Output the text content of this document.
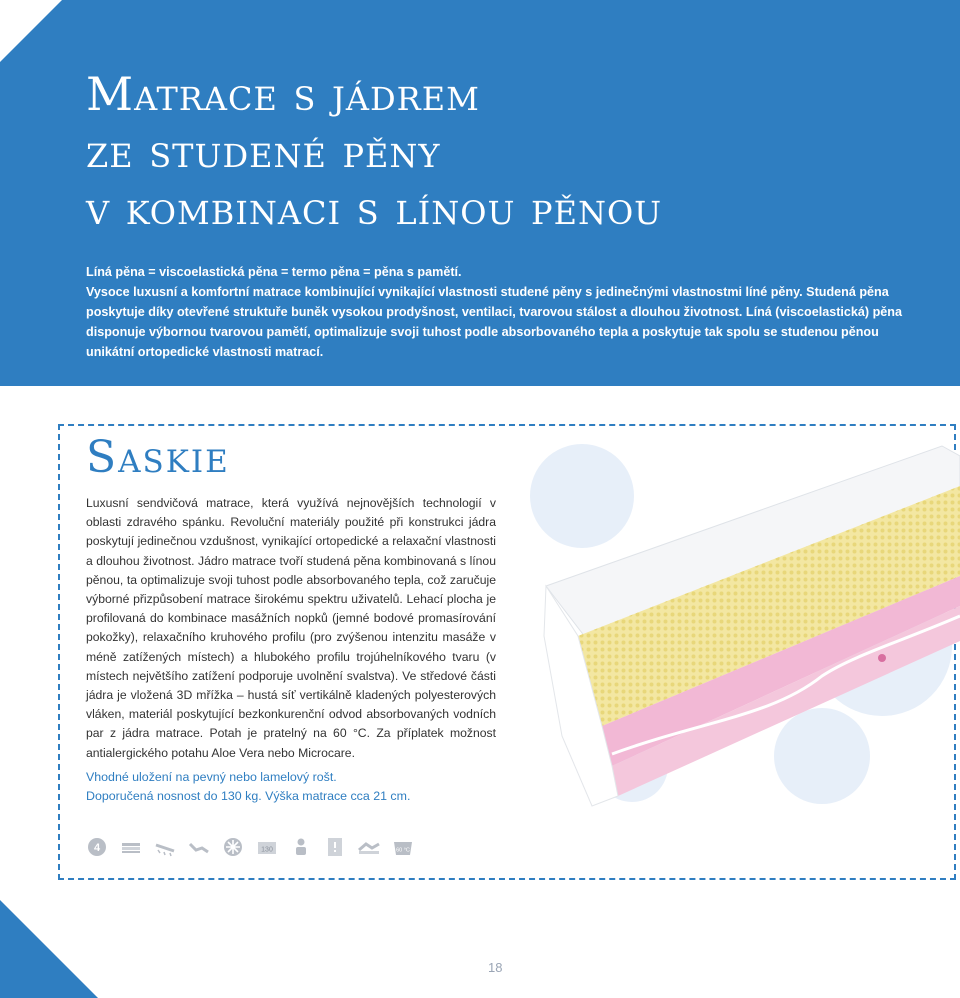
Matrace s jádrem
ze studené pěny
v kombinaci s línou pěnou

Líná pěna = viscoelastická pěna = termo pěna = pěna s pamětí.

Vysoce luxusní a komfortní matrace kombinující vynikající vlastnosti studené pěny s jedinečnými vlastnostmi líné pěny. Studená pěna poskytuje díky otevřené struktuře buněk vysokou prodyšnost, ventilaci, tvarovou stálost a dlouhou životnost. Líná (viscoelastická) pěna disponuje výbornou tvarovou pamětí, optimalizuje svoji tuhost podle absorbovaného tepla a poskytuje tak spolu se studenou pěnou unikátní ortopedické vlastnosti matrací.

Saskie
Luxusní sendvičová matrace, která využívá nejnovějších technologií v oblasti zdravého spánku. Revoluční materiály použité při konstrukci jádra poskytují jedinečnou vzdušnost, vynikající ortopedické a relaxační vlastnosti a dlouhou životnost. Jádro matrace tvoří studená pěna kombinovaná s línou pěnou, ta optimalizuje svoji tuhost podle absorbovaného tepla, což zaručuje výborné přizpůsobení matrace širokému spektru uživatelů. Lehací plocha je profilovaná do kombinace masážních nopků (jemné bodové promasírování pokožky), relaxačního kruhového profilu (pro zvýšenou intenzitu masáže v méně zatížených místech) a hlubokého profilu trojúhelníkového tvaru (v místech největšího zatížení podporuje uvolnění svalstva). Ve středové části jádra je vložená 3D mřížka – hustá síť vertikálně kladených polyesterových vláken, materiál poskytující bezkonkurenční odvod absorbovaných vodních par z jádra matrace. Potah je pratelný na 60 °C. Za příplatek možnost antialergického potahu Aloe Vera nebo Microcare.
Vhodné uložení na pevný nebo lamelový rošt.
Doporučená nosnost do 130 kg. Výška matrace cca 21 cm.
4	130	60 °C
18
